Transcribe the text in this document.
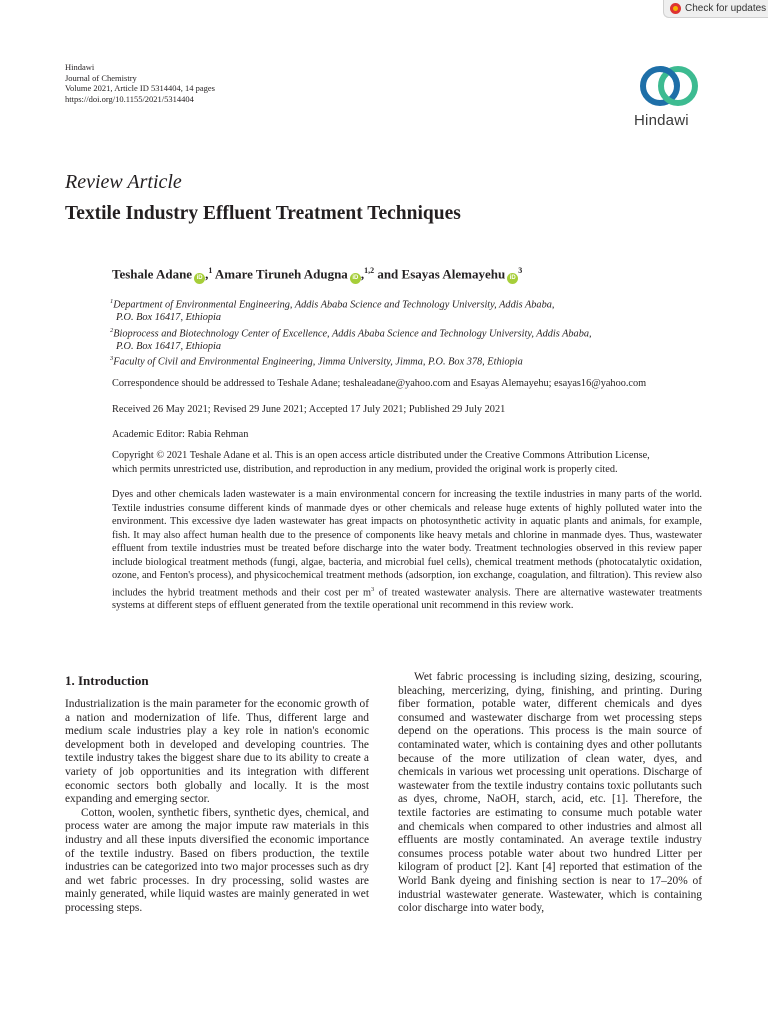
Check for updates
Hindawi
Journal of Chemistry
Volume 2021, Article ID 5314404, 14 pages
https://doi.org/10.1155/2021/5314404
Hindawi
Review Article
Textile Industry Effluent Treatment Techniques
Teshale Adane iD ,$^1$ Amare Tiruneh Adugna iD ,$^{1,2}$ and Esayas Alemayehu $iD^3$
$^1$Department of Environmental Engineering, Addis Ababa Science and Technology University, Addis Ababa,
P.O. Box 16417, Ethiopia
$^2$Bioprocess and Biotechnology Center of Excellence, Addis Ababa Science and Technology University, Addis Ababa,
P.O. Box 16417, Ethiopia
$^3$Faculty of Civil and Environmental Engineering, Jimma University, Jimma, P.O. Box 378, Ethiopia
Correspondence should be addressed to Teshale Adane; teshaleadane@yahoo.com and Esayas Alemayehu; esayas16@yahoo.com
Received 26 May 2021; Revised 29 June 2021; Accepted 17 July 2021; Published 29 July 2021
Academic Editor: Rabia Rehman
Copyright © 2021 Teshale Adane et al. This is an open access article distributed under the Creative Commons Attribution License,
which permits unrestricted use, distribution, and reproduction in any medium, provided the original work is properly cited.
Dyes and other chemicals laden wastewater is a main environmental concern for increasing the textile industries in many parts of the world. Textile industries consume different kinds of manmade dyes or other chemicals and release huge extents of highly polluted water into the environment. This excessive dye laden wastewater has great impacts on photosynthetic activity in aquatic plants and animals, for example, fish. It may also affect human health due to the presence of components like heavy metals and chlorine in manmade dyes. Thus, wastewater effluent from textile industries must be treated before discharge into the water body. Treatment technologies observed in this review paper include biological treatment methods (fungi, algae, bacteria, and microbial fuel cells), chemical treatment methods (photocatalytic oxidation, ozone, and Fenton's process), and physicochemical treatment methods (adsorption, ion exchange, coagulation, and filtration). This review also includes the hybrid treatment methods and their cost per $m^3$ of treated wastewater analysis. There are alternative wastewater treatments systems at different steps of effluent generated from the textile operational unit recommend in this review work.
1. Introduction

Industrialization is the main parameter for the economic growth of a nation and modernization of life. Thus, different large and medium scale industries play a key role in nation's economic development both in developed and developing countries. The textile industry takes the biggest share due to its ability to create a variety of job opportunities and its integration with different economic sectors both globally and locally. It is the most expanding and emerging sector.

Cotton, woolen, synthetic fibers, synthetic dyes, chemical, and process water are among the major impute raw materials in this industry and all these inputs diversified the economic importance of the textile industry. Based on fibers production, the textile industries can be categorized into two major processes such as dry and wet fabric processes. In dry processing, solid wastes are mainly generated, while liquid wastes are mainly generated in wet processing steps.

Wet fabric processing is including sizing, desizing, scouring, bleaching, mercerizing, dying, finishing, and printing. During fiber formation, potable water, different chemicals and dyes consumed and wastewater discharge from wet processing steps depend on the operations. This process is the main source of contaminated water, which is containing dyes and other pollutants because of the more utilization of clean water, dyes, and chemicals in various wet processing unit operations. Discharge of wastewater from the textile industry contains toxic pollutants such as dyes, chrome, NaOH, starch, acid, etc. [1]. Therefore, the textile factories are estimating to consume much potable water and chemicals when compared to other industries and almost all effluents are mostly contaminated. An average textile industry consumes process potable water about two hundred Litter per kilogram of product [2]. Kant [4] reported that estimation of the World Bank dyeing and finishing section is near to 17–20% of industrial wastewater generate. Wastewater, which is containing color discharge into water body,
